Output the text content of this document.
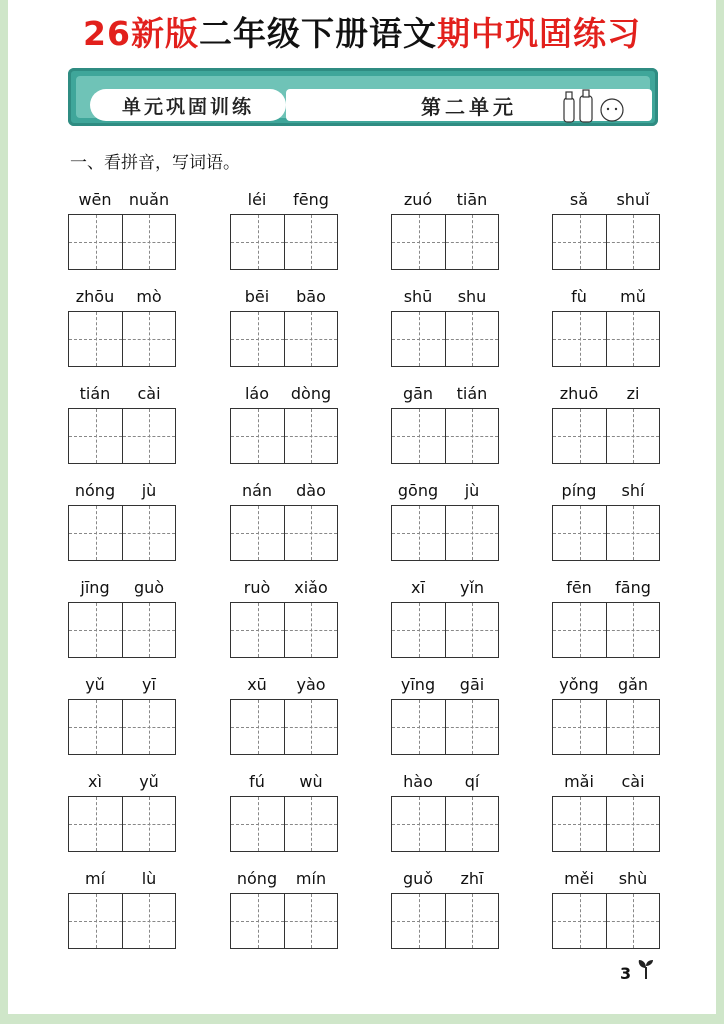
26新版二年级下册语文期中巩固练习
单元巩固训练	第二单元
一、看拼音，写词语。
wēn	nuǎn	léi	fēng	zuó	tiān	sǎ	shuǐ
zhōu	mò	bēi	bāo	shū	shu	fù	mǔ
tián	cài	láo	dòng	gān	tián	zhuō	zi
nóng	jù	nán	dào	gōng	jù	píng	shí
jīng	guò	ruò	xiǎo	xī	yǐn	fēn	fāng
yǔ	yī	xū	yào	yīng	gāi	yǒng	gǎn
xì	yǔ	fú	wù	hào	qí	mǎi	cài
mí	lù	nóng	mín	guǒ	zhī	měi	shù
3
